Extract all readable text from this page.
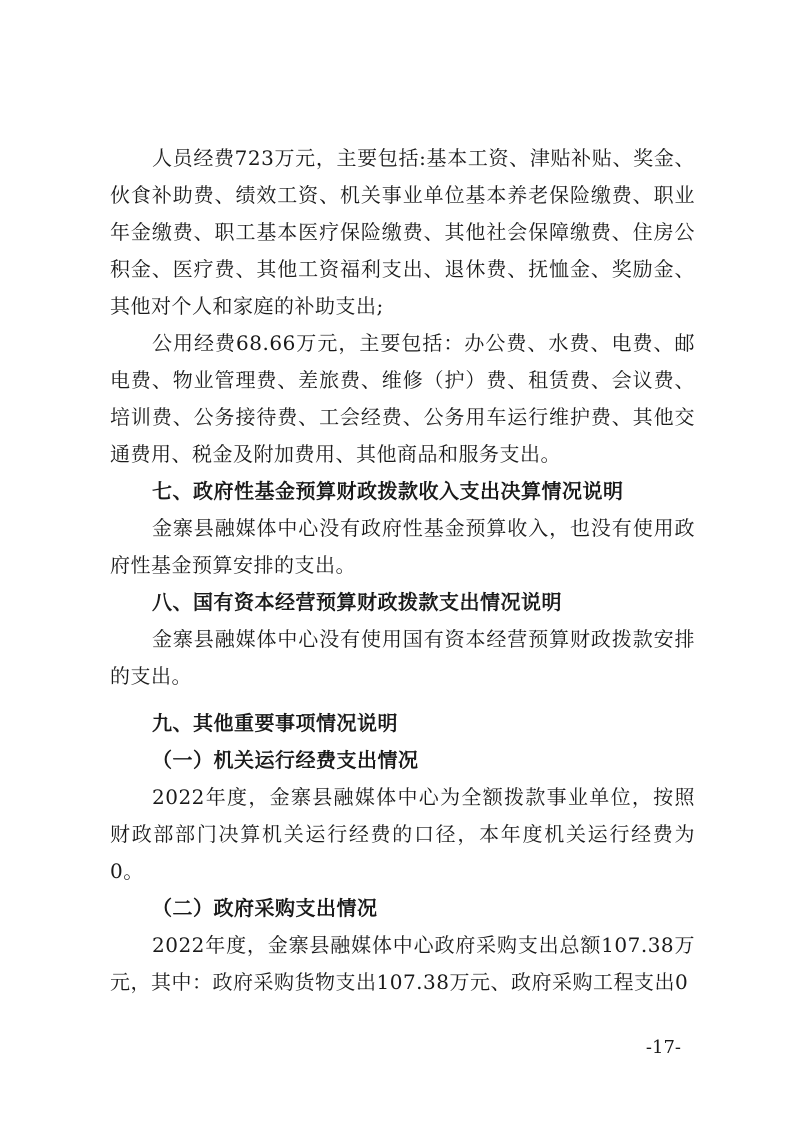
人员经费723万元，主要包括:基本工资、津贴补贴、奖金、伙食补助费、绩效工资、机关事业单位基本养老保险缴费、职业年金缴费、职工基本医疗保险缴费、其他社会保障缴费、住房公积金、医疗费、其他工资福利支出、退休费、抚恤金、奖励金、其他对个人和家庭的补助支出;

公用经费68.66万元，主要包括：办公费、水费、电费、邮电费、物业管理费、差旅费、维修（护）费、租赁费、会议费、培训费、公务接待费、工会经费、公务用车运行维护费、其他交通费用、税金及附加费用、其他商品和服务支出。

七、政府性基金预算财政拨款收入支出决算情况说明

金寨县融媒体中心没有政府性基金预算收入，也没有使用政府性基金预算安排的支出。

八、国有资本经营预算财政拨款支出情况说明

金寨县融媒体中心没有使用国有资本经营预算财政拨款安排的支出。

九、其他重要事项情况说明

（一）机关运行经费支出情况

2022年度，金寨县融媒体中心为全额拨款事业单位，按照财政部部门决算机关运行经费的口径，本年度机关运行经费为0。

（二）政府采购支出情况

2022年度，金寨县融媒体中心政府采购支出总额107.38万元，其中：政府采购货物支出107.38万元、政府采购工程支出0

-17-
